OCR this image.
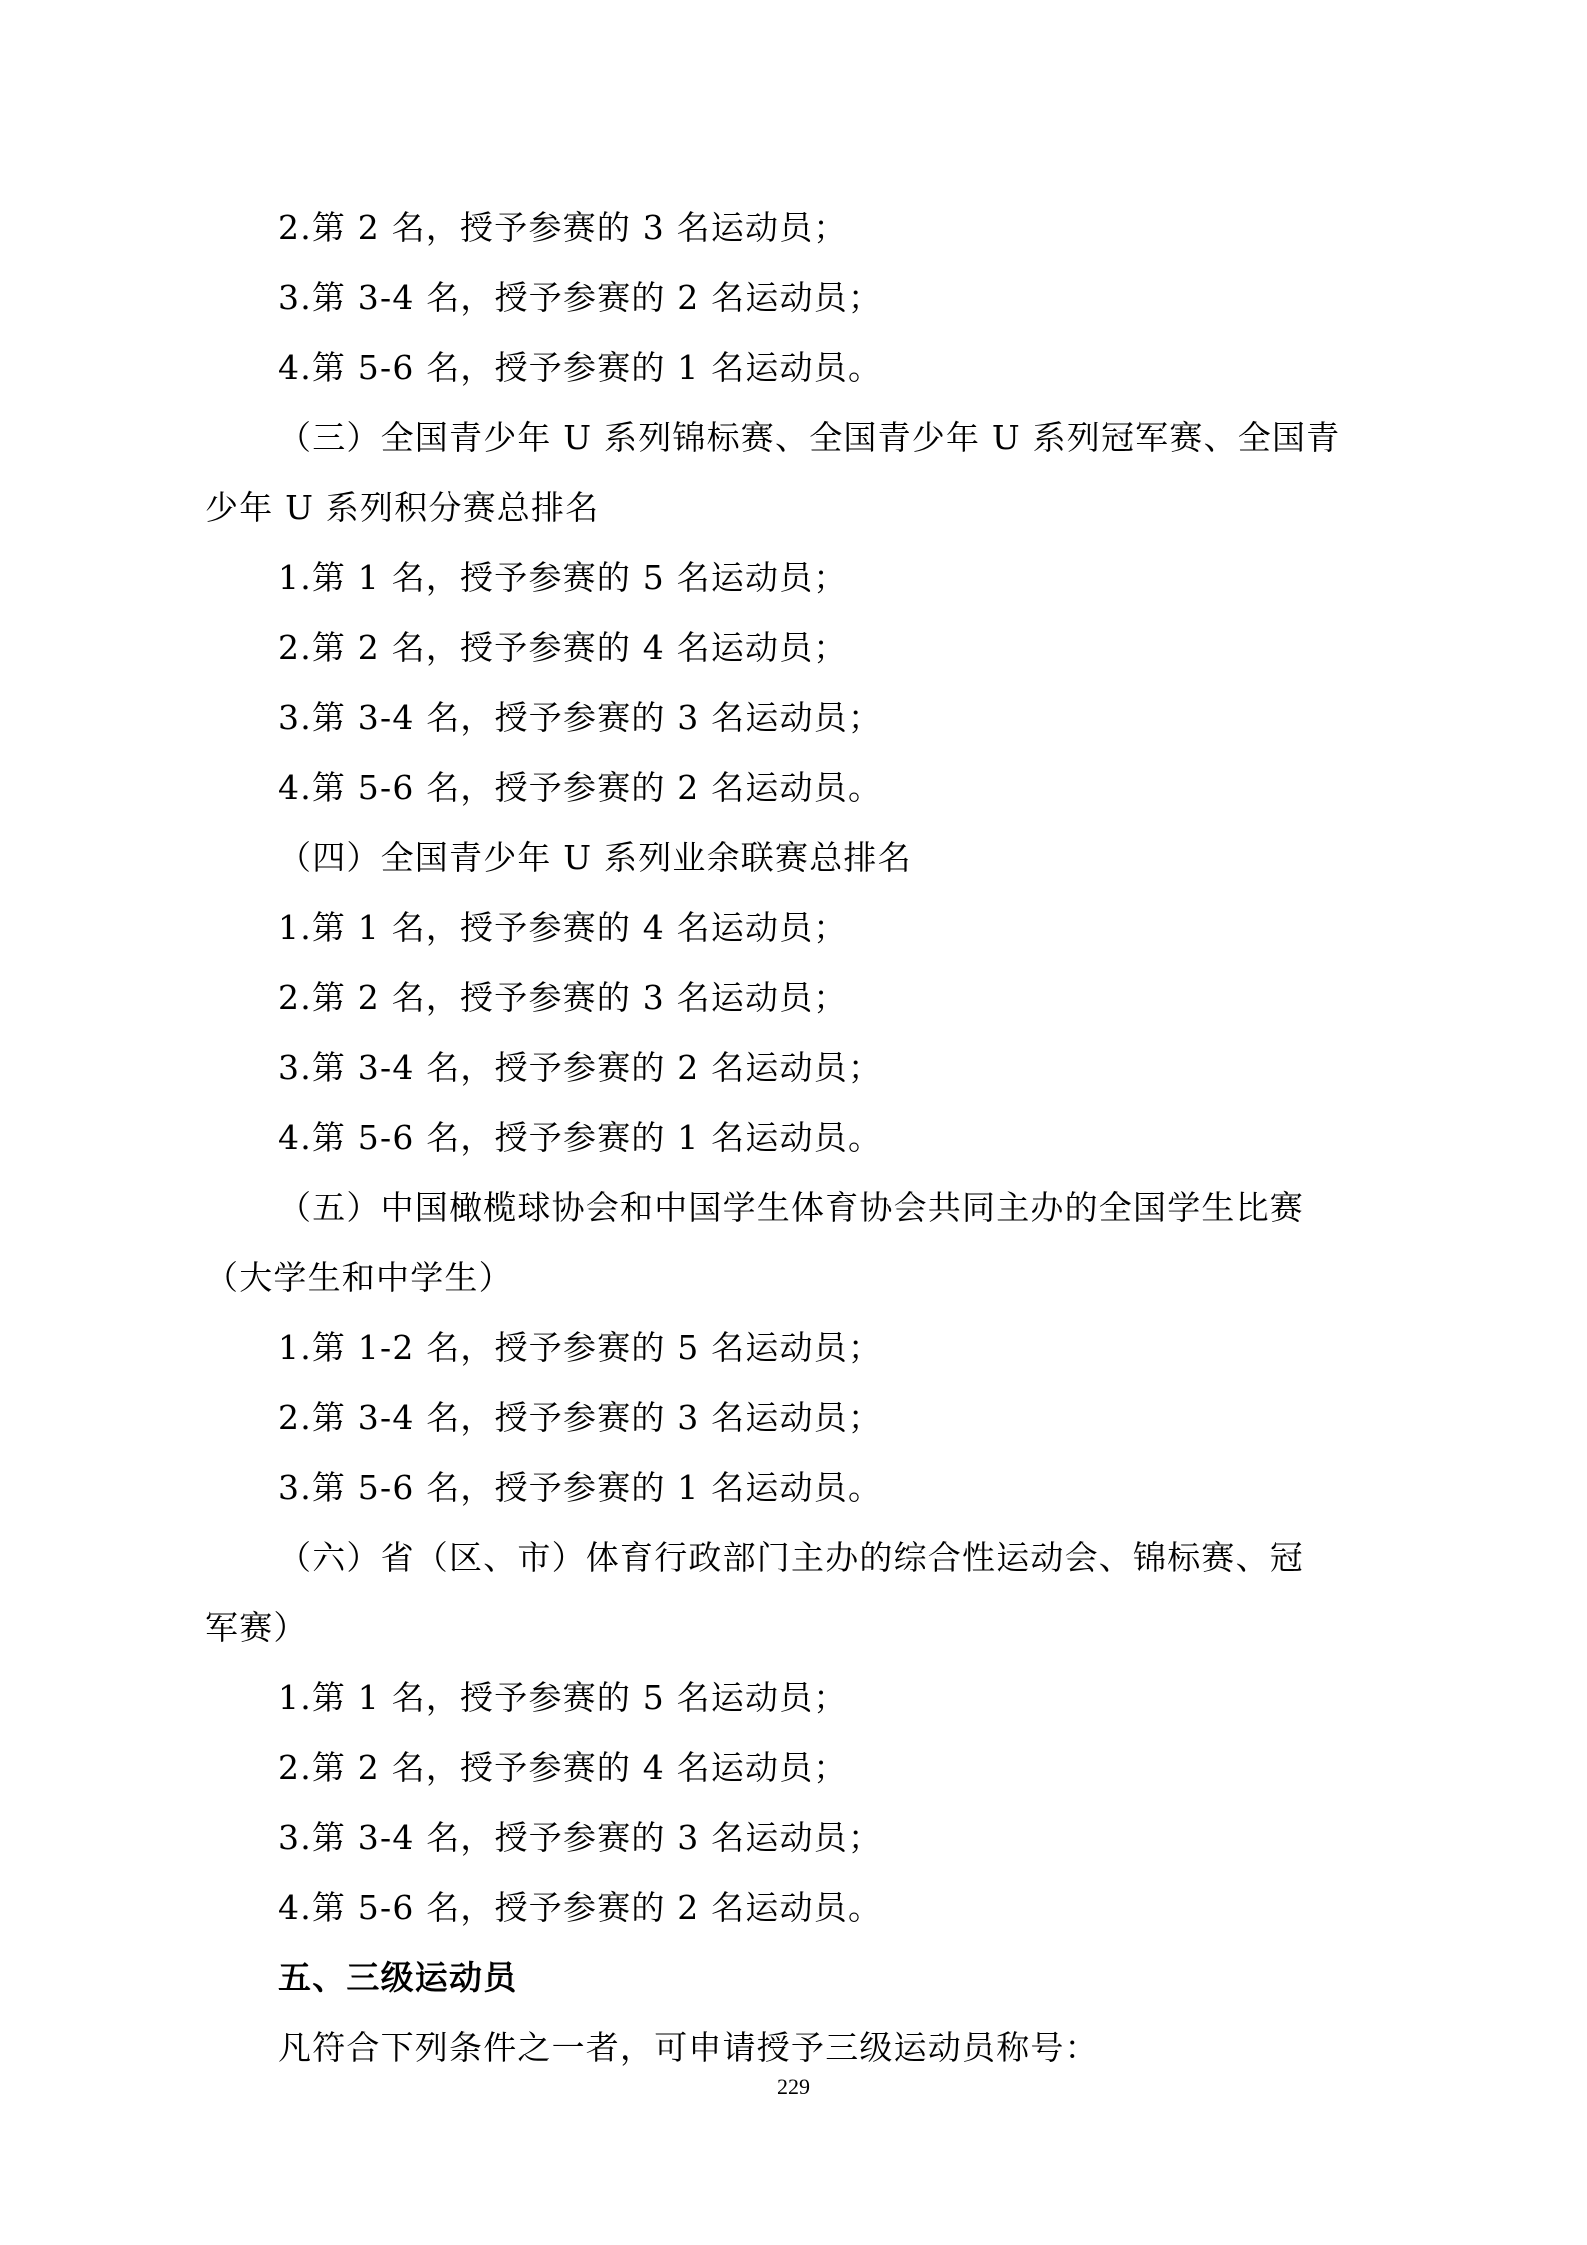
2.第 2 名，授予参赛的 3 名运动员；
3.第 3-4 名，授予参赛的 2 名运动员；
4.第 5-6 名，授予参赛的 1 名运动员。
（三）全国青少年 U 系列锦标赛、全国青少年 U 系列冠军赛、全国青
少年 U 系列积分赛总排名
1.第 1 名，授予参赛的 5 名运动员；
2.第 2 名，授予参赛的 4 名运动员；
3.第 3-4 名，授予参赛的 3 名运动员；
4.第 5-6 名，授予参赛的 2 名运动员。
（四）全国青少年 U 系列业余联赛总排名
1.第 1 名，授予参赛的 4 名运动员；
2.第 2 名，授予参赛的 3 名运动员；
3.第 3-4 名，授予参赛的 2 名运动员；
4.第 5-6 名，授予参赛的 1 名运动员。
（五）中国橄榄球协会和中国学生体育协会共同主办的全国学生比赛
（大学生和中学生）
1.第 1-2 名，授予参赛的 5 名运动员；
2.第 3-4 名，授予参赛的 3 名运动员；
3.第 5-6 名，授予参赛的 1 名运动员。
（六）省（区、市）体育行政部门主办的综合性运动会、锦标赛、冠
军赛）
1.第 1 名，授予参赛的 5 名运动员；
2.第 2 名，授予参赛的 4 名运动员；
3.第 3-4 名，授予参赛的 3 名运动员；
4.第 5-6 名，授予参赛的 2 名运动员。
五、三级运动员
凡符合下列条件之一者，可申请授予三级运动员称号：
229
